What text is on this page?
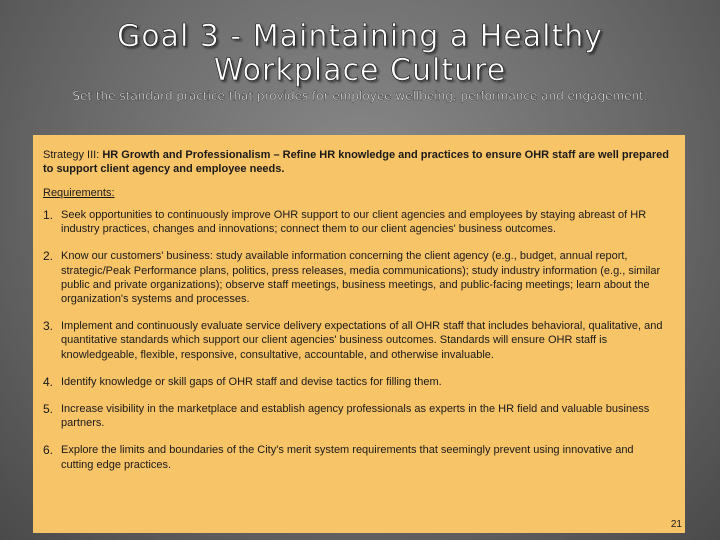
Goal 3 - Maintaining a Healthy
Workplace Culture
Set the standard practice that provides for employee wellbeing, performance and engagement.

Strategy III: HR Growth and Professionalism – Refine HR knowledge and practices to ensure OHR staff are well prepared to support client agency and employee needs.

Requirements:

1. Seek opportunities to continuously improve OHR support to our client agencies and employees by staying abreast of HR industry practices, changes and innovations; connect them to our client agencies' business outcomes.
2. Know our customers' business: study available information concerning the client agency (e.g., budget, annual report, strategic/Peak Performance plans, politics, press releases, media communications); study industry information (e.g., similar public and private organizations); observe staff meetings, business meetings, and public-facing meetings; learn about the organization's systems and processes.
3. Implement and continuously evaluate service delivery expectations of all OHR staff that includes behavioral, qualitative, and quantitative standards which support our client agencies' business outcomes. Standards will ensure OHR staff is knowledgeable, flexible, responsive, consultative, accountable, and otherwise invaluable.
4. Identify knowledge or skill gaps of OHR staff and devise tactics for filling them.
5. Increase visibility in the marketplace and establish agency professionals as experts in the HR field and valuable business partners.
6. Explore the limits and boundaries of the City's merit system requirements that seemingly prevent using innovative and cutting edge practices.
21
